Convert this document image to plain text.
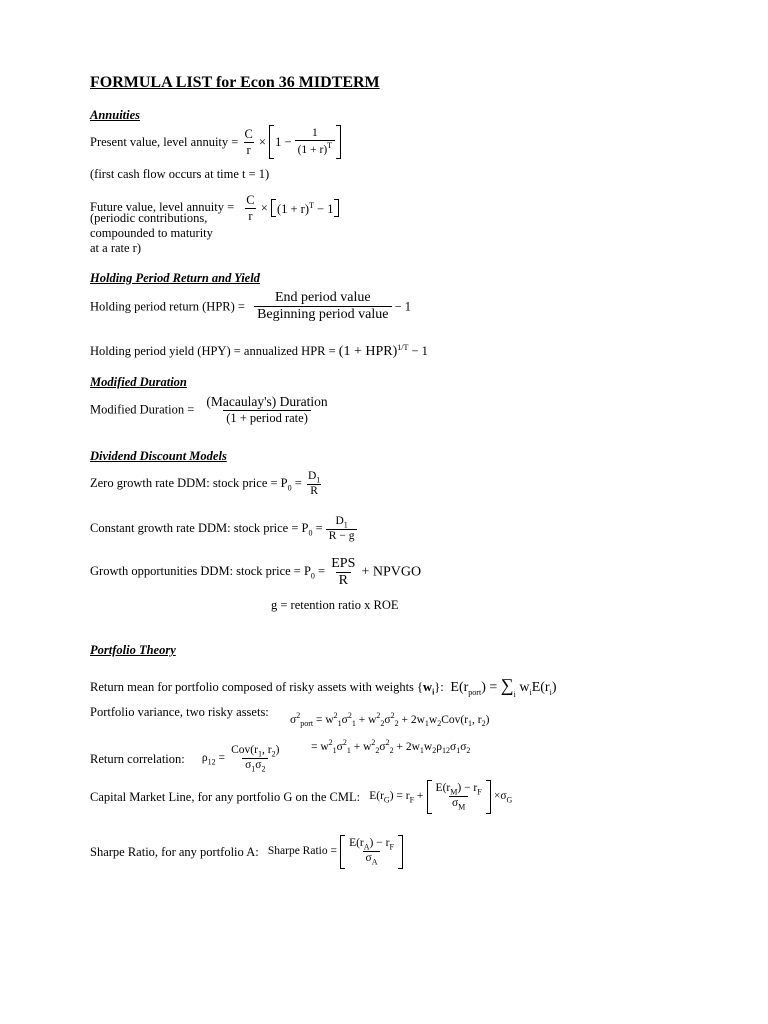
FORMULA LIST for Econ 36 MIDTERM
Annuities
Present value, level annuity = $\frac{C}{r} \times 1 - \frac{1}{(1 + r)^T}$
(first cash flow occurs at time t = 1)
Future value, level annuity = $\frac{C}{r} \times (1 + r)^T - 1$
(periodic contributions,
compounded to maturity
at a rate r)
Holding Period Return and Yield
Holding period return $(HPR) = \frac{\text{End period value}}{\text{Beginning period value}} - 1$
Holding period yield (HPY) = annualized HPR = (1 + HPR)$^{1/T}$ − 1
Modified Duration
Modified Duration = $\frac{\text{(Macaulay's) Duration}}{\text{(1 + period rate)}}$
Dividend Discount Models
Zero growth rate DDM: stock price = $P_0 = \frac{D_1}{R}$
Constant growth rate DDM: stock price = $P_0 = \frac{D_1}{R - g}$
Growth opportunities DDM: stock price = $P_0 = \frac{\text{EPS}}{R}$ + NPVGO
g = retention ratio x ROE
Portfolio Theory
Return mean for portfolio composed of risky assets with weights $\{w_i\}$:  $E(r_{port}) = \sum_i$ $w_iE(r_i)$
Portfolio variance, two risky assets:
$\sigma^2_{port} = w^2_1\sigma^2_1 + w^2_2\sigma^2_2 + 2w_1w_2Cov(r_1$, $r_2$)
= $w^2_1\sigma^2_1 + w^2_2\sigma^2_2 + 2w_1w_2\rho_{12}\sigma_1\sigma_2$
Return correlation: $\rho_{12} = \frac{Cov(r_1, r_2)}{\sigma_1\sigma_2}$
Capital Market Line, for any portfolio G on the CML: $E(r_G) = r_F + \frac{E(r_M) - r_F}{\sigma_M} \times\sigma_G$
Sharpe Ratio, for any portfolio A: Sharpe Ratio = $\frac{E(r_A) - r_F}{\sigma_A}$
